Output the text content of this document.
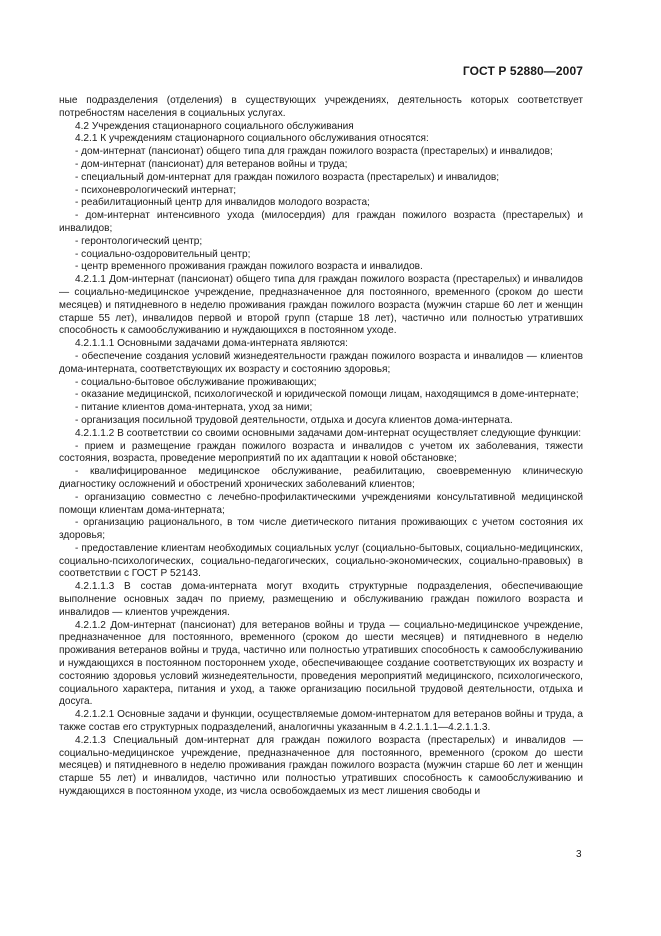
ГОСТ Р 52880—2007

ные подразделения (отделения) в существующих учреждениях, деятельность которых соответствует потребностям населения в социальных услугах.

4.2 Учреждения стационарного социального обслуживания

4.2.1 К учреждениям стационарного социального обслуживания относятся:

- дом-интернат (пансионат) общего типа для граждан пожилого возраста (престарелых) и инвалидов;

- дом-интернат (пансионат) для ветеранов войны и труда;

- специальный дом-интернат для граждан пожилого возраста (престарелых) и инвалидов;

- психоневрологический интернат;

- реабилитационный центр для инвалидов молодого возраста;

- дом-интернат интенсивного ухода (милосердия) для граждан пожилого возраста (престарелых) и инвалидов;

- геронтологический центр;

- социально-оздоровительный центр;

- центр временного проживания граждан пожилого возраста и инвалидов.

4.2.1.1 Дом-интернат (пансионат) общего типа для граждан пожилого возраста (престарелых) и инвалидов — социально-медицинское учреждение, предназначенное для постоянного, временного (сроком до шести месяцев) и пятидневного в неделю проживания граждан пожилого возраста (мужчин старше 60 лет и женщин старше 55 лет), инвалидов первой и второй групп (старше 18 лет), частично или полностью утративших способность к самообслуживанию и нуждающихся в постоянном уходе.

4.2.1.1.1 Основными задачами дома-интерната являются:

- обеспечение создания условий жизнедеятельности граждан пожилого возраста и инвалидов — клиентов дома-интерната, соответствующих их возрасту и состоянию здоровья;

- социально-бытовое обслуживание проживающих;

- оказание медицинской, психологической и юридической помощи лицам, находящимся в доме-интернате;

- питание клиентов дома-интерната, уход за ними;

- организация посильной трудовой деятельности, отдыха и досуга клиентов дома-интерната.

4.2.1.1.2 В соответствии со своими основными задачами дом-интернат осуществляет следующие функции:

- прием и размещение граждан пожилого возраста и инвалидов с учетом их заболевания, тяжести состояния, возраста, проведение мероприятий по их адаптации к новой обстановке;

- квалифицированное медицинское обслуживание, реабилитацию, своевременную клиническую диагностику осложнений и обострений хронических заболеваний клиентов;

- организацию совместно с лечебно-профилактическими учреждениями консультативной медицинской помощи клиентам дома-интерната;

- организацию рационального, в том числе диетического питания проживающих с учетом состояния их здоровья;

- предоставление клиентам необходимых социальных услуг (социально-бытовых, социально-медицинских, социально-психологических, социально-педагогических, социально-экономических, социально-правовых) в соответствии с ГОСТ Р 52143.

4.2.1.1.3 В состав дома-интерната могут входить структурные подразделения, обеспечивающие выполнение основных задач по приему, размещению и обслуживанию граждан пожилого возраста и инвалидов — клиентов учреждения.

4.2.1.2 Дом-интернат (пансионат) для ветеранов войны и труда — социально-медицинское учреждение, предназначенное для постоянного, временного (сроком до шести месяцев) и пятидневного в неделю проживания ветеранов войны и труда, частично или полностью утративших способность к самообслуживанию и нуждающихся в постоянном постороннем уходе, обеспечивающее создание соответствующих их возрасту и состоянию здоровья условий жизнедеятельности, проведения мероприятий медицинского, психологического, социального характера, питания и уход, а также организацию посильной трудовой деятельности, отдыха и досуга.

4.2.1.2.1 Основные задачи и функции, осуществляемые домом-интернатом для ветеранов войны и труда, а также состав его структурных подразделений, аналогичны указанным в 4.2.1.1.1—4.2.1.1.3.

4.2.1.3 Специальный дом-интернат для граждан пожилого возраста (престарелых) и инвалидов — социально-медицинское учреждение, предназначенное для постоянного, временного (сроком до шести месяцев) и пятидневного в неделю проживания граждан пожилого возраста (мужчин старше 60 лет и женщин старше 55 лет) и инвалидов, частично или полностью утративших способность к самообслуживанию и нуждающихся в постоянном уходе, из числа освобождаемых из мест лишения свободы и

3
